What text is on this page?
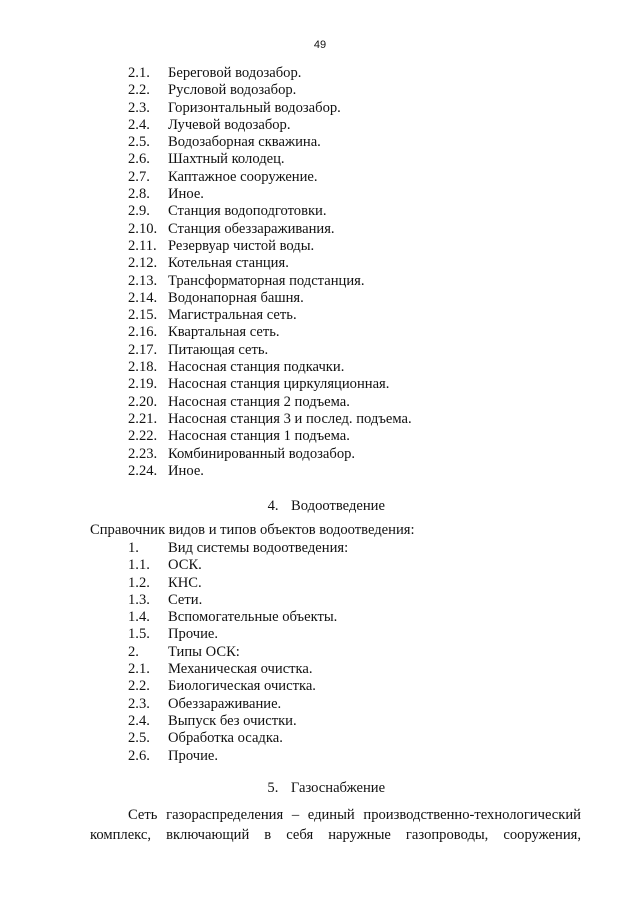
49
2.1. Береговой водозабор.
2.2. Русловой водозабор.
2.3. Горизонтальный водозабор.
2.4. Лучевой водозабор.
2.5. Водозаборная скважина.
2.6. Шахтный колодец.
2.7. Каптажное сооружение.
2.8. Иное.
2.9. Станция водоподготовки.
2.10. Станция обеззараживания.
2.11. Резервуар чистой воды.
2.12. Котельная станция.
2.13. Трансформаторная подстанция.
2.14. Водонапорная башня.
2.15. Магистральная сеть.
2.16. Квартальная сеть.
2.17. Питающая сеть.
2.18. Насосная станция подкачки.
2.19. Насосная станция циркуляционная.
2.20. Насосная станция 2 подъема.
2.21. Насосная станция 3 и послед. подъема.
2.22. Насосная станция 1 подъема.
2.23. Комбинированный водозабор.
2.24. Иное.
4. Водоотведение
Справочник видов и типов объектов водоотведения:
1. Вид системы водоотведения:
1.1. ОСК.
1.2. КНС.
1.3. Сети.
1.4. Вспомогательные объекты.
1.5. Прочие.
2. Типы ОСК:
2.1. Механическая очистка.
2.2. Биологическая очистка.
2.3. Обеззараживание.
2.4. Выпуск без очистки.
2.5. Обработка осадка.
2.6. Прочие.
5. Газоснабжение

Сеть газораспределения – единый производственно-технологический
комплекс, включающий в себя наружные газопроводы, сооружения,
